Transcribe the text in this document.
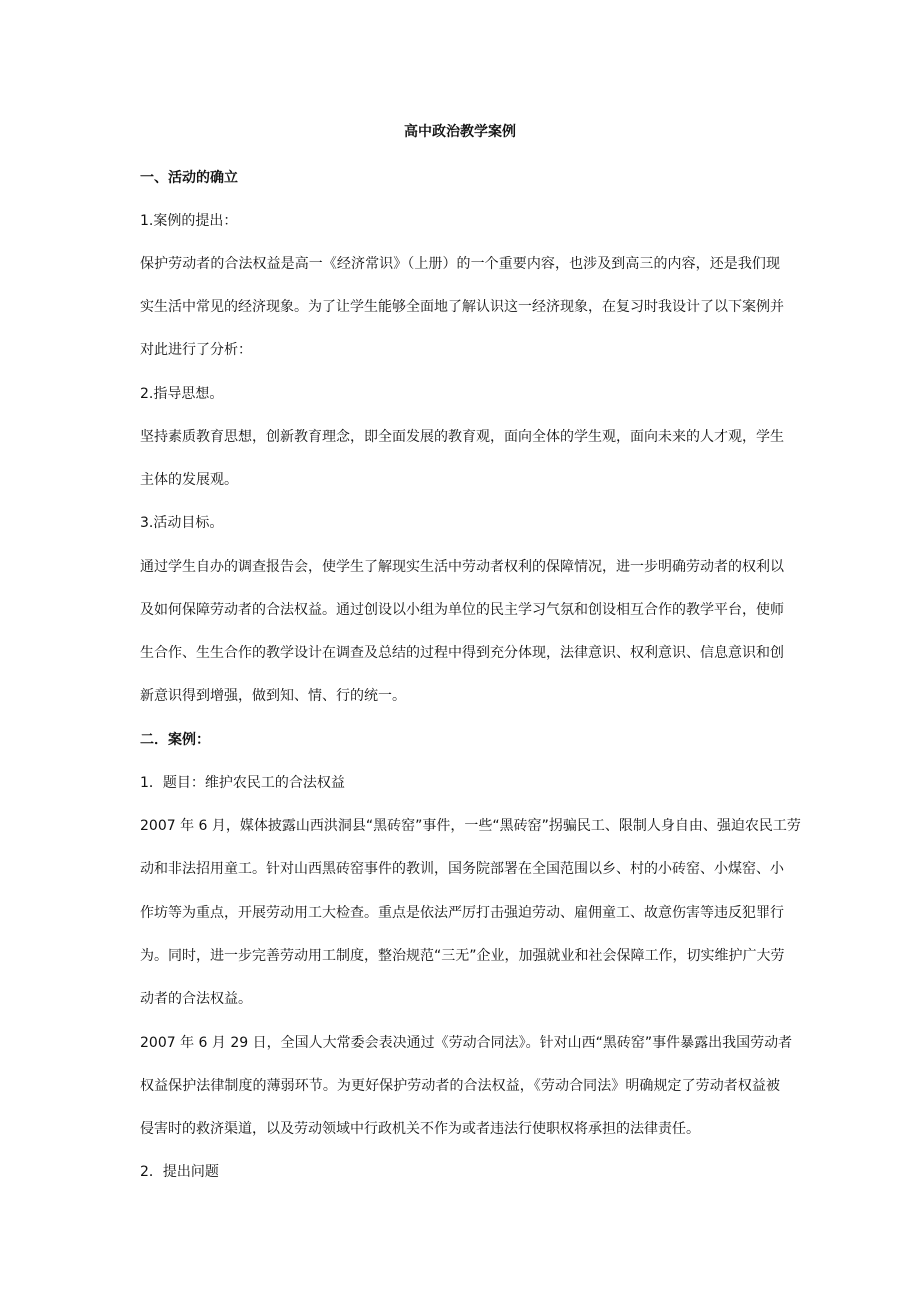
高中政治教学案例
一、活动的确立
1.案例的提出：
保护劳动者的合法权益是高一《经济常识》（上册）的一个重要内容，也涉及到高三的内容，还是我们现
实生活中常见的经济现象。为了让学生能够全面地了解认识这一经济现象，在复习时我设计了以下案例并
对此进行了分析：
2.指导思想。
坚持素质教育思想，创新教育理念，即全面发展的教育观，面向全体的学生观，面向未来的人才观，学生
主体的发展观。
3.活动目标。
通过学生自办的调查报告会，使学生了解现实生活中劳动者权利的保障情况，进一步明确劳动者的权利以
及如何保障劳动者的合法权益。通过创设以小组为单位的民主学习气氛和创设相互合作的教学平台，使师
生合作、生生合作的教学设计在调查及总结的过程中得到充分体现，法律意识、权利意识、信息意识和创
新意识得到增强，做到知、情、行的统一。
二．案例：
1．题目：维护农民工的合法权益
2007 年 6 月，媒体披露山西洪洞县“黑砖窑”事件，一些“黑砖窑”拐骗民工、限制人身自由、强迫农民工劳
动和非法招用童工。针对山西黑砖窑事件的教训，国务院部署在全国范围以乡、村的小砖窑、小煤窑、小
作坊等为重点，开展劳动用工大检查。重点是依法严厉打击强迫劳动、雇佣童工、故意伤害等违反犯罪行
为。同时，进一步完善劳动用工制度，整治规范“三无”企业，加强就业和社会保障工作，切实维护广大劳
动者的合法权益。
2007 年 6 月 29 日，全国人大常委会表决通过《劳动合同法》。针对山西“黑砖窑”事件暴露出我国劳动者
权益保护法律制度的薄弱环节。为更好保护劳动者的合法权益，《劳动合同法》明确规定了劳动者权益被
侵害时的救济渠道，以及劳动领域中行政机关不作为或者违法行使职权将承担的法律责任。
2．提出问题
